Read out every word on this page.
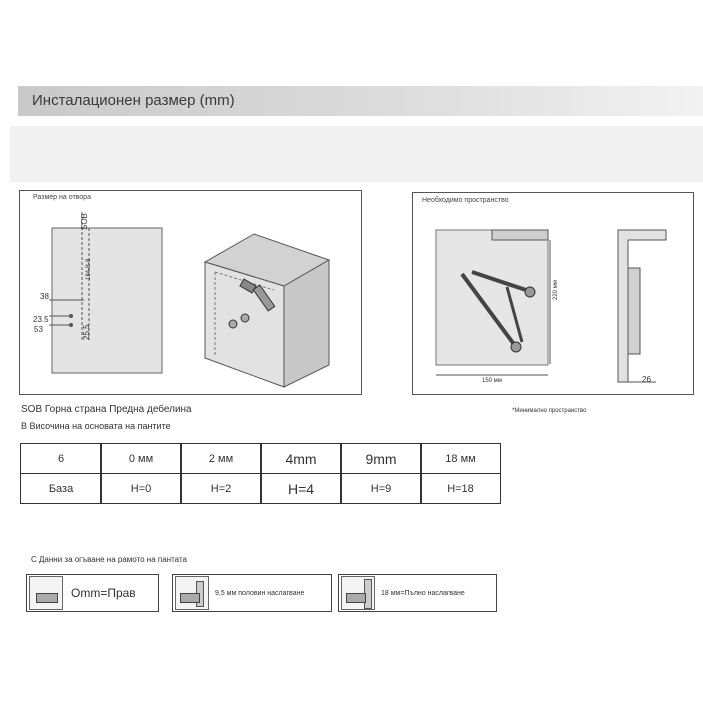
Инсталационен размер (mm)
Размер на отвора
SOB
184-B-8
38
23.5
53	25.5
Необходимо пространство
220 мм
150 мм	26
*Минимално пространство
SOB Горна страна Предна дебелина
В Височина на основата на пантите
6	0 мм	2 мм	4mm	9mm	18 мм
База	H=0	H=2	H=4	H=9	H=18
С Данни за огъване на рамото на пантата
Omm=Прав	9,5 мм половин наслагване	18 мм=Пълно наслагване
